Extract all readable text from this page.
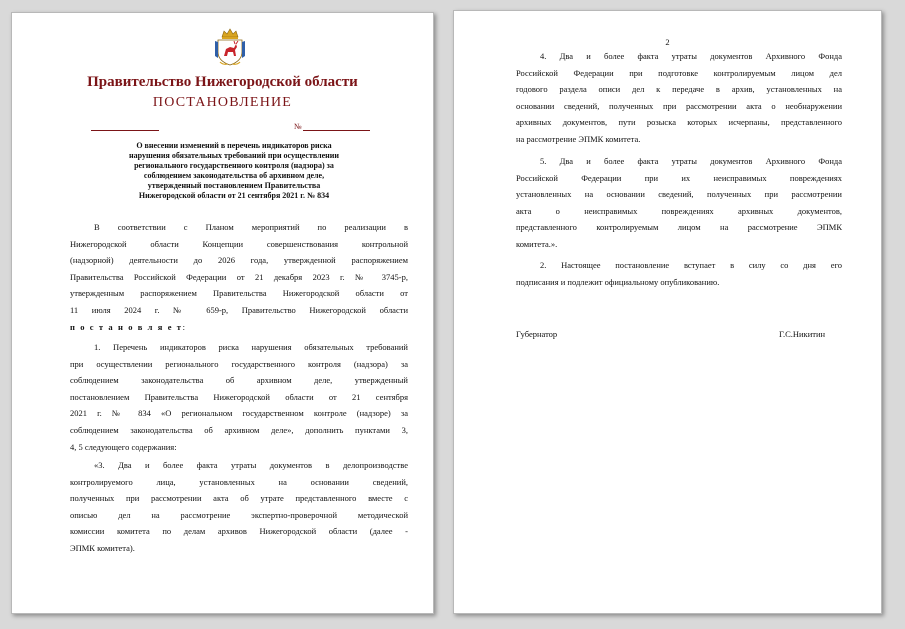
Правительство Нижегородской области
ПОСТАНОВЛЕНИЕ
№
О внесении изменений в перечень индикаторов риска
нарушения обязательных требований при осуществлении
регионального государственного контроля (надзора) за
соблюдением законодательства об архивном деле,
утвержденный постановлением Правительства
Нижегородской области от 21 сентября 2021 г. № 834
В соответствии с Планом мероприятий по реализации в
Нижегородской области Концепции совершенствования контрольной
(надзорной) деятельности до 2026 года, утвержденной распоряжением
Правительства Российской Федерации от 21 декабря 2023 г. № 3745-р,
утвержденным распоряжением Правительства Нижегородской области от
11 июля 2024 г. № 659-р, Правительство Нижегородской области
п о с т а н о в л я е т:
1. Перечень индикаторов риска нарушения обязательных требований
при осуществлении регионального государственного контроля (надзора) за
соблюдением законодательства об архивном деле, утвержденный
постановлением Правительства Нижегородской области от 21 сентября
2021 г. № 834 «О региональном государственном контроле (надзоре) за
соблюдением законодательства об архивном деле», дополнить пунктами 3,
4, 5 следующего содержания:
«3. Два и более факта утраты документов в делопроизводстве
контролируемого лица, установленных на основании сведений,
полученных при рассмотрении акта об утрате представленного вместе с
описью дел на рассмотрение экспертно-проверочной методической
комиссии комитета по делам архивов Нижегородской области (далее -
ЭПМК комитета).
2
4. Два и более факта утраты документов Архивного Фонда
Российской Федерации при подготовке контролируемым лицом дел
годового раздела описи дел к передаче в архив, установленных на
основании сведений, полученных при рассмотрении акта о необнаружении
архивных документов, пути розыска которых исчерпаны, представленного
на рассмотрение ЭПМК комитета.
5. Два и более факта утраты документов Архивного Фонда
Российской Федерации при их неисправимых повреждениях
установленных на основании сведений, полученных при рассмотрении
акта о неисправимых повреждениях архивных документов,
представленного контролируемым лицом на рассмотрение ЭПМК
комитета.».
2. Настоящее постановление вступает в силу со дня его
подписания и подлежит официальному опубликованию.
Губернатор	Г.С.Никитин
